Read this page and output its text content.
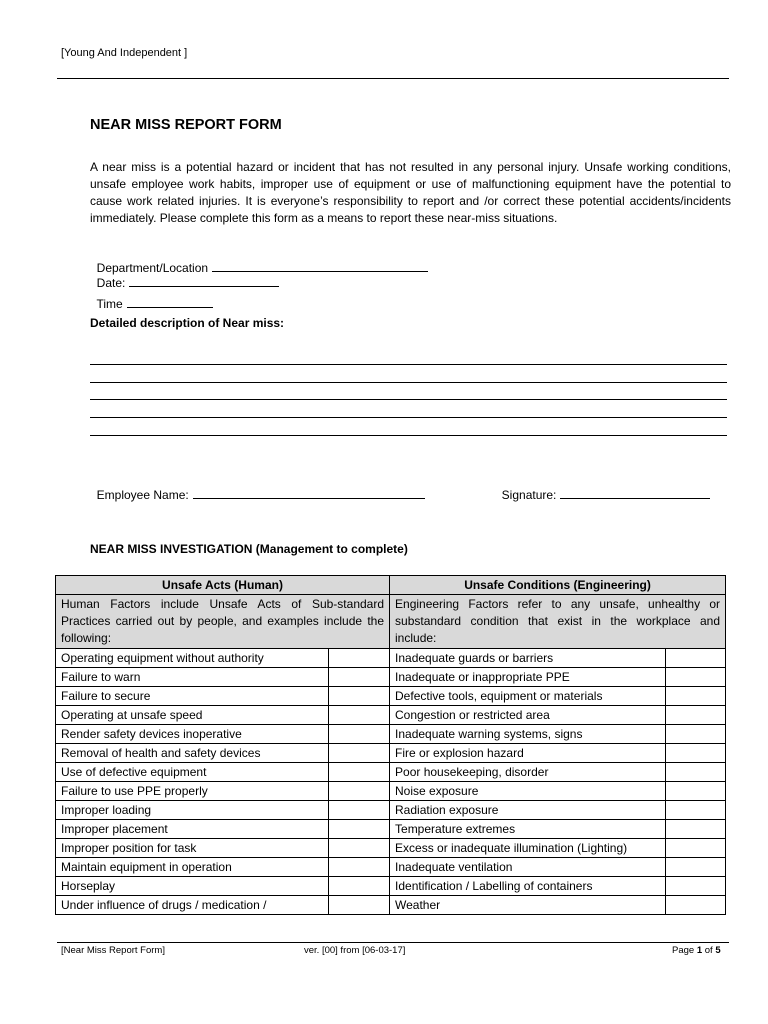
[Young And Independent ]
NEAR MISS REPORT FORM
A near miss is a potential hazard or incident that has not resulted in any personal injury. Unsafe working conditions, unsafe employee work habits, improper use of equipment or use of malfunctioning equipment have the potential to cause work related injuries. It is everyone’s responsibility to report and /or correct these potential accidents/incidents immediately. Please complete this form as a means to report these near-miss situations.

Department/Location
Date:

Time

Detailed description of Near miss:

Employee Name:	Signature:

NEAR MISS INVESTIGATION (Management to complete)
Unsafe Acts (Human)		Unsafe Conditions (Engineering)	
Human Factors include Unsafe Acts of Sub-standard Practices carried out by people, and examples include the following:		Engineering Factors refer to any unsafe, unhealthy or substandard condition that exist in the workplace and include:	
Operating equipment without authority		Inadequate guards or barriers	
Failure to warn		Inadequate or inappropriate PPE	
Failure to secure		Defective tools, equipment or materials	
Operating at unsafe speed		Congestion or restricted area	
Render safety devices inoperative		Inadequate warning systems, signs	
Removal of health and safety devices		Fire or explosion hazard	
Use of defective equipment		Poor housekeeping, disorder	
Failure to use PPE properly		Noise exposure	
Improper loading		Radiation exposure	
Improper placement		Temperature extremes	
Improper position for task		Excess or inadequate illumination (Lighting)	
Maintain equipment in operation		Inadequate ventilation	
Horseplay		Identification / Labelling of containers	
Under influence of drugs / medication /		Weather	
[Near Miss Report Form]	ver. [00] from [06-03-17]	Page 1 of 5
